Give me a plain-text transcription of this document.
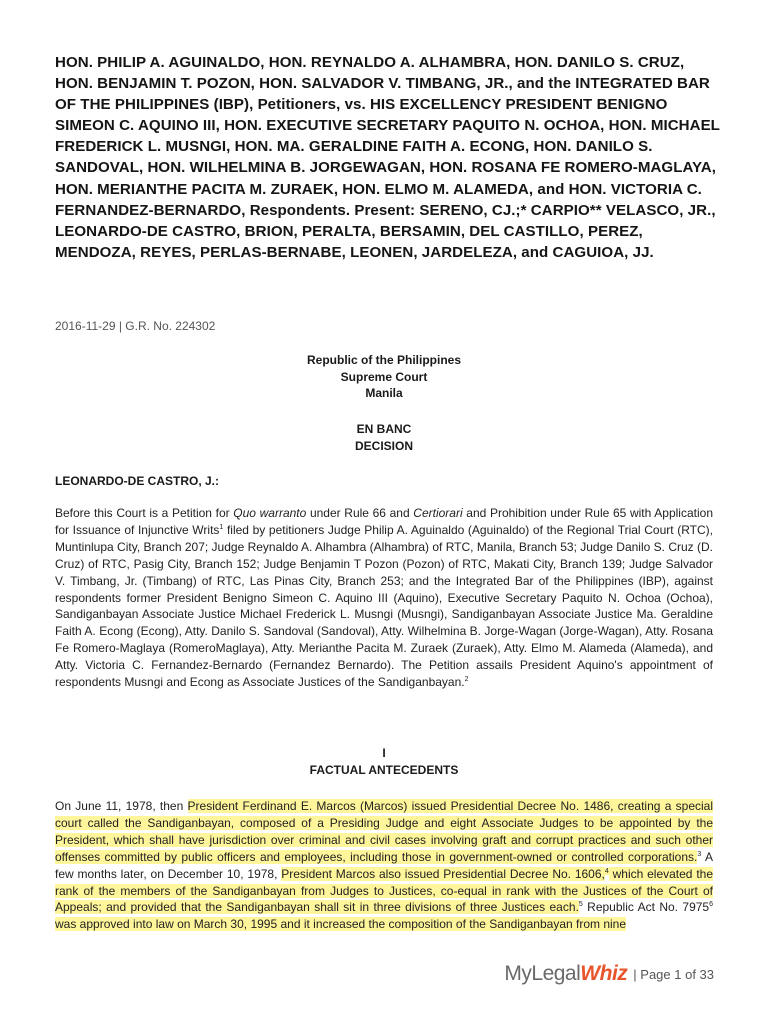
HON. PHILIP A. AGUINALDO, HON. REYNALDO A. ALHAMBRA, HON. DANILO S. CRUZ, HON. BENJAMIN T. POZON, HON. SALVADOR V. TIMBANG, JR., and the INTEGRATED BAR OF THE PHILIPPINES (IBP), Petitioners, vs. HIS EXCELLENCY PRESIDENT BENIGNO SIMEON C. AQUINO III, HON. EXECUTIVE SECRETARY PAQUITO N. OCHOA, HON. MICHAEL FREDERICK L. MUSNGI, HON. MA. GERALDINE FAITH A. ECONG, HON. DANILO S. SANDOVAL, HON. WILHELMINA B. JORGEWAGAN, HON. ROSANA FE ROMERO-MAGLAYA, HON. MERIANTHE PACITA M. ZURAEK, HON. ELMO M. ALAMEDA, and HON. VICTORIA C. FERNANDEZ-BERNARDO, Respondents. Present: SERENO, CJ.;* CARPIO** VELASCO, JR., LEONARDO-DE CASTRO, BRION, PERALTA, BERSAMIN, DEL CASTILLO, PEREZ, MENDOZA, REYES, PERLAS-BERNABE, LEONEN, JARDELEZA, and CAGUIOA, JJ.
2016-11-29 | G.R. No. 224302
Republic of the Philippines
Supreme Court
Manila
EN BANC
DECISION
LEONARDO-DE CASTRO, J.:
Before this Court is a Petition for Quo warranto under Rule 66 and Certiorari and Prohibition under Rule 65 with Application for Issuance of Injunctive Writs$^1$ filed by petitioners Judge Philip A. Aguinaldo (Aguinaldo) of the Regional Trial Court (RTC), Muntinlupa City, Branch 207; Judge Reynaldo A. Alhambra (Alhambra) of RTC, Manila, Branch 53; Judge Danilo S. Cruz (D. Cruz) of RTC, Pasig City, Branch 152; Judge Benjamin T Pozon (Pozon) of RTC, Makati City, Branch 139; Judge Salvador V. Timbang, Jr. (Timbang) of RTC, Las Pinas City, Branch 253; and the Integrated Bar of the Philippines (IBP), against respondents former President Benigno Simeon C. Aquino III (Aquino), Executive Secretary Paquito N. Ochoa (Ochoa), Sandiganbayan Associate Justice Michael Frederick L. Musngi (Musngi), Sandiganbayan Associate Justice Ma. Geraldine Faith A. Econg (Econg), Atty. Danilo S. Sandoval (Sandoval), Atty. Wilhelmina B. Jorge-Wagan (Jorge-Wagan), Atty. Rosana Fe Romero-Maglaya (RomeroMaglaya), Atty. Merianthe Pacita M. Zuraek (Zuraek), Atty. Elmo M. Alameda (Alameda), and Atty. Victoria C. Fernandez-Bernardo (Fernandez Bernardo). The Petition assails President Aquino's appointment of respondents Musngi and Econg as Associate Justices of the Sandiganbayan.$^2$
I
FACTUAL ANTECEDENTS
On June 11, 1978, then President Ferdinand E. Marcos (Marcos) issued Presidential Decree No. 1486, creating a special court called the Sandiganbayan, composed of a Presiding Judge and eight Associate Judges to be appointed by the President, which shall have jurisdiction over criminal and civil cases involving graft and corrupt practices and such other offenses committed by public officers and employees, including those in government-owned or controlled corporations.$^3$ A few months later, on December 10, 1978, President Marcos also issued Presidential Decree No. 1606,$^4$ which elevated the rank of the members of the Sandiganbayan from Judges to Justices, co-equal in rank with the Justices of the Court of Appeals; and provided that the Sandiganbayan shall sit in three divisions of three Justices each.$^5$ Republic Act No. 7975$^6$ was approved into law on March 30, 1995 and it increased the composition of the Sandiganbayan from nine
MyLegalWhiz | Page 1 of 33
